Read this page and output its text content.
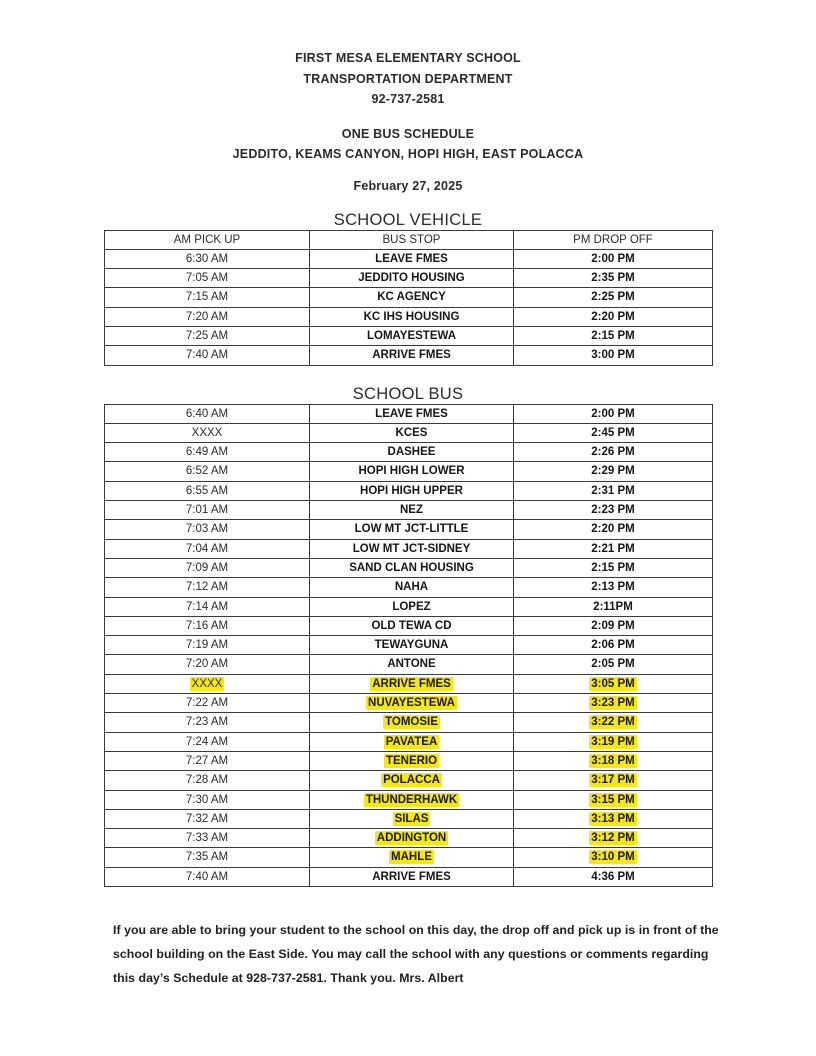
FIRST MESA ELEMENTARY SCHOOL
TRANSPORTATION DEPARTMENT
92-737-2581
ONE BUS SCHEDULE
JEDDITO, KEAMS CANYON, HOPI HIGH, EAST POLACCA
February 27, 2025
SCHOOL VEHICLE
AM PICK UP	BUS STOP	PM DROP OFF
6:30 AM	LEAVE FMES	2:00 PM
7:05 AM	JEDDITO HOUSING	2:35 PM
7:15 AM	KC AGENCY	2:25 PM
7:20 AM	KC IHS HOUSING	2:20 PM
7:25 AM	LOMAYESTEWA	2:15 PM
7:40 AM	ARRIVE FMES	3:00 PM
SCHOOL BUS
6:40 AM	LEAVE FMES	2:00 PM
XXXX	KCES	2:45 PM
6:49 AM	DASHEE	2:26 PM
6:52 AM	HOPI HIGH LOWER	2:29 PM
6:55 AM	HOPI HIGH UPPER	2:31 PM
7:01 AM	NEZ	2:23 PM
7:03 AM	LOW MT JCT-LITTLE	2:20 PM
7:04 AM	LOW MT JCT-SIDNEY	2:21 PM
7:09 AM	SAND CLAN HOUSING	2:15 PM
7:12 AM	NAHA	2:13 PM
7:14 AM	LOPEZ	2:11PM
7:16 AM	OLD TEWA CD	2:09 PM
7:19 AM	TEWAYGUNA	2:06 PM
7:20 AM	ANTONE	2:05 PM
XXXX	ARRIVE FMES	3:05 PM
7:22 AM	NUVAYESTEWA	3:23 PM
7:23 AM	TOMOSIE	3:22 PM
7:24 AM	PAVATEA	3:19 PM
7:27 AM	TENERIO	3:18 PM
7:28 AM	POLACCA	3:17 PM
7:30 AM	THUNDERHAWK	3:15 PM
7:32 AM	SILAS	3:13 PM
7:33 AM	ADDINGTON	3:12 PM
7:35 AM	MAHLE	3:10 PM
7:40 AM	ARRIVE FMES	4:36 PM
If you are able to bring your student to the school on this day, the drop off and pick up is in front of the school building on the East Side. You may call the school with any questions or comments regarding this day’s Schedule at 928-737-2581. Thank you. Mrs. Albert
